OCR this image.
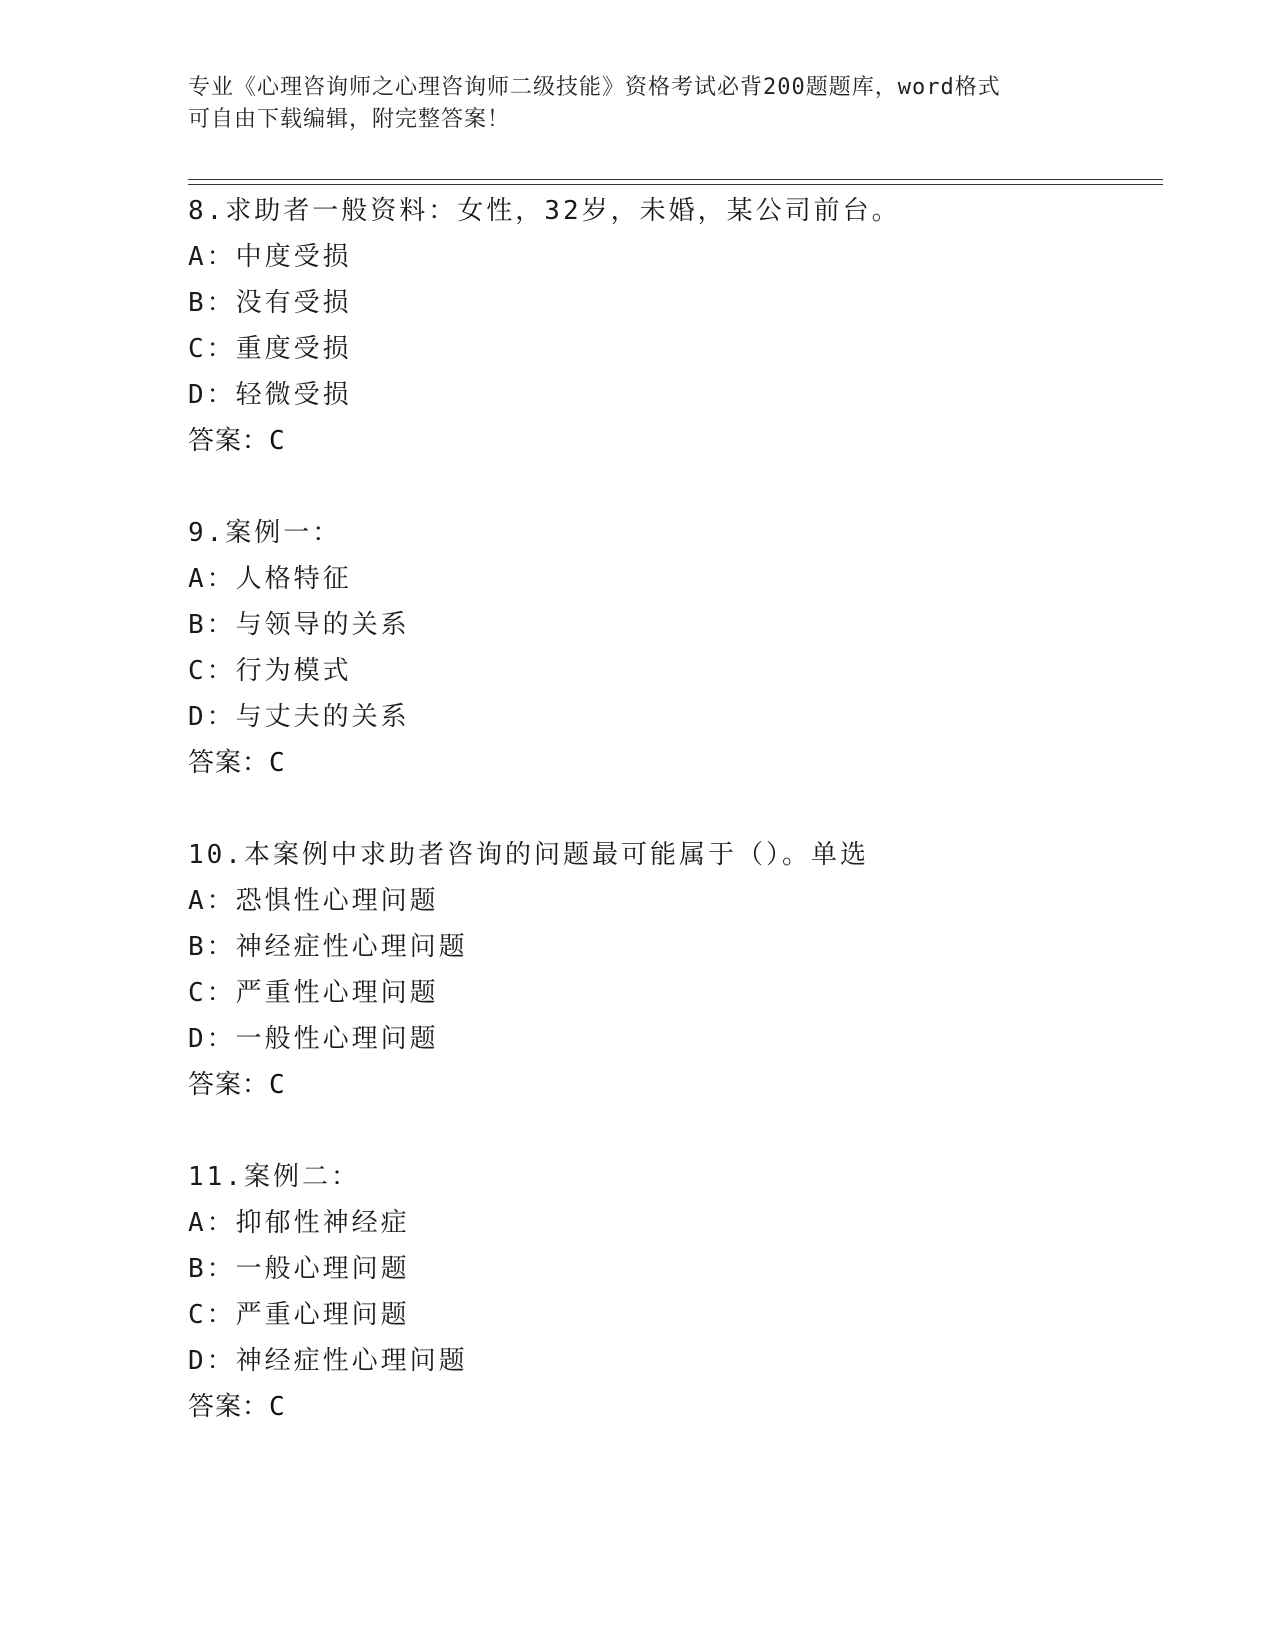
专业《心理咨询师之心理咨询师二级技能》资格考试必背200题题库，word格式
可自由下载编辑，附完整答案！
8.求助者一般资料：女性，32岁，未婚，某公司前台。
A：中度受损
B：没有受损
C：重度受损
D：轻微受损
答案：C
9.案例一：
A：人格特征
B：与领导的关系
C：行为模式
D：与丈夫的关系
答案：C
10.本案例中求助者咨询的问题最可能属于（）。单选
A：恐惧性心理问题
B：神经症性心理问题
C：严重性心理问题
D：一般性心理问题
答案：C
11.案例二：
A：抑郁性神经症
B：一般心理问题
C：严重心理问题
D：神经症性心理问题
答案：C
